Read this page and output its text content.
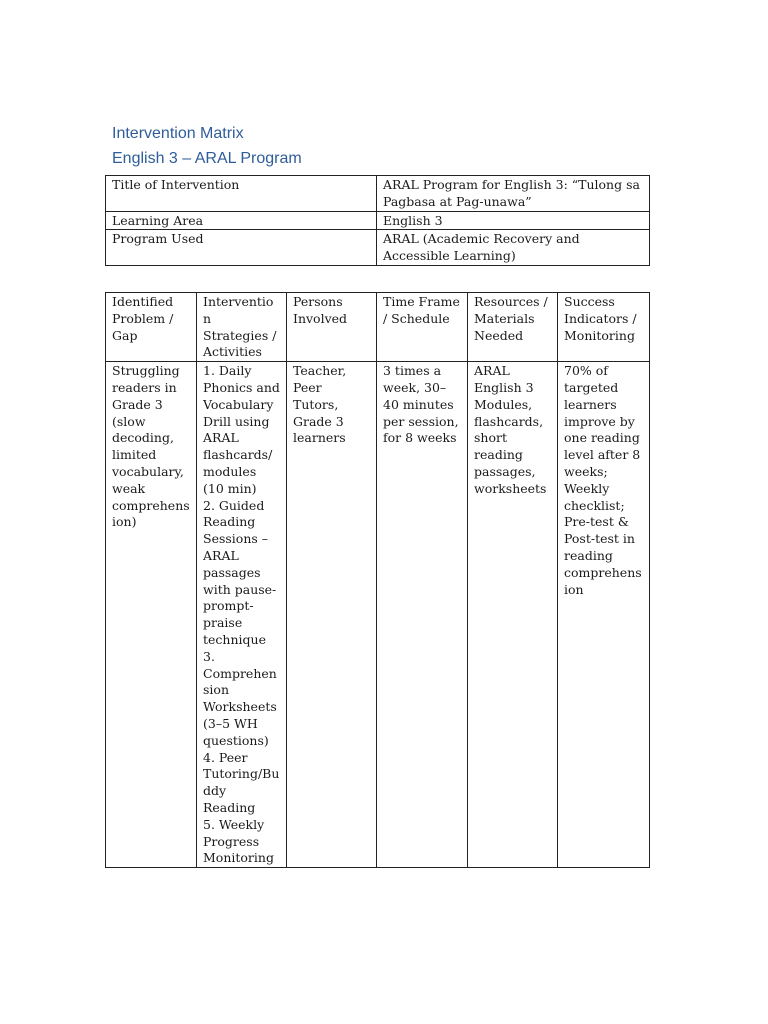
Intervention Matrix
English 3 – ARAL Program
Title of Intervention	ARAL Program for English 3: “Tulong sa Pagbasa at Pag-unawa”
Learning Area	English 3
Program Used	ARAL (Academic Recovery and Accessible Learning)
Identified Problem / Gap	Intervention Strategies / Activities	Persons Involved	Time Frame / Schedule	Resources / Materials Needed	Success Indicators / Monitoring
Struggling readers in Grade 3 (slow decoding, limited vocabulary, weak comprehension)	1. Daily Phonics and Vocabulary Drill using ARAL flashcards/ modules (10 min)
2. Guided Reading Sessions – ARAL passages with pause-prompt-praise technique
3. Comprehension Worksheets (3–5 WH questions)
4. Peer Tutoring/Buddy Reading
5. Weekly Progress Monitoring	Teacher, Peer Tutors, Grade 3 learners	3 times a week, 30–40 minutes per session, for 8 weeks	ARAL English 3 Modules, flashcards, short reading passages, worksheets	70% of targeted learners improve by one reading level after 8 weeks; Weekly checklist; Pre-test & Post-test in reading comprehension
